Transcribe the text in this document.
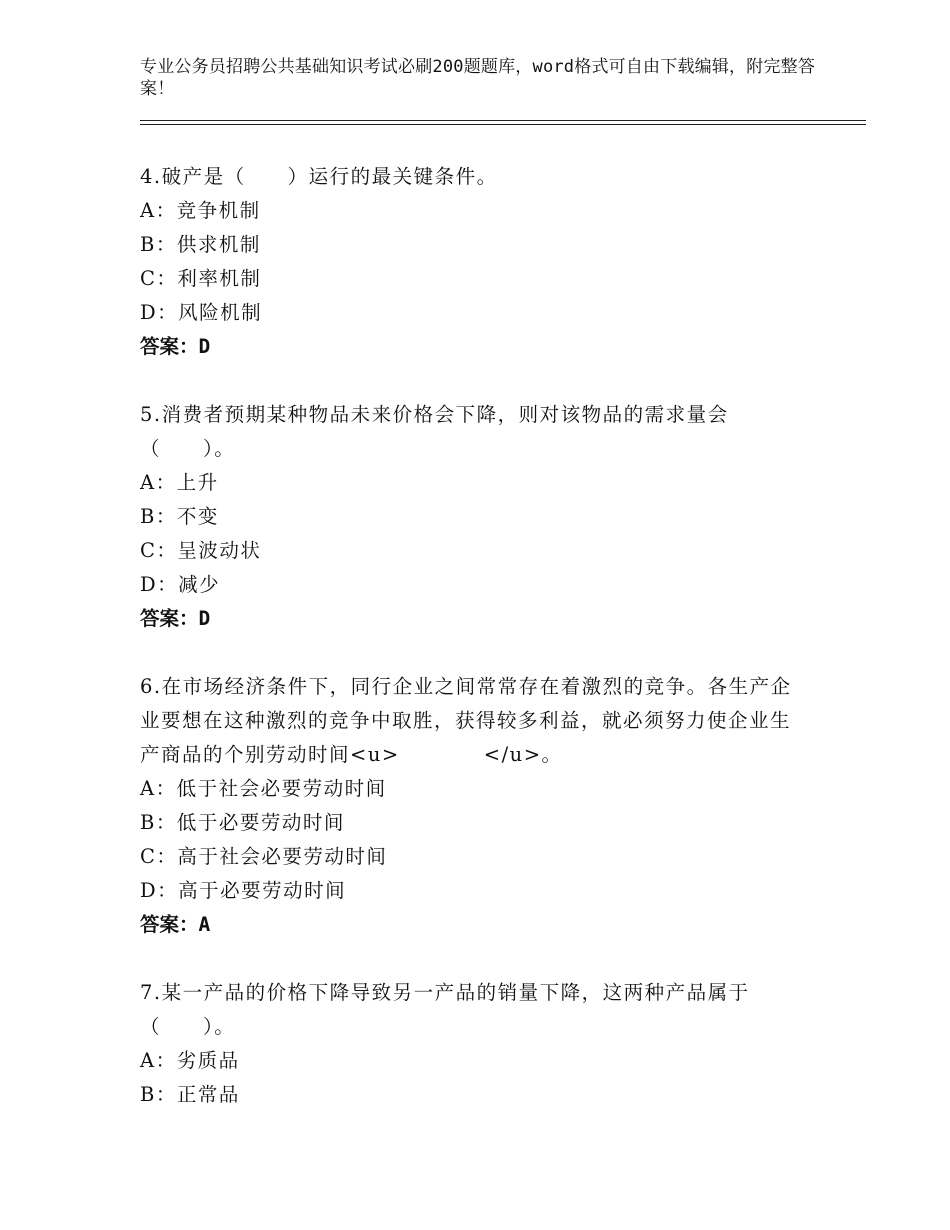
专业公务员招聘公共基础知识考试必刷200题题库，word格式可自由下载编辑，附完整答案！
4.破产是（　　）运行的最关键条件。
A：竞争机制
B：供求机制
C：利率机制
D：风险机制
答案：D
5.消费者预期某种物品未来价格会下降，则对该物品的需求量会（　　）。
A：上升
B：不变
C：呈波动状
D：减少
答案：D
6.在市场经济条件下，同行企业之间常常存在着激烈的竞争。各生产企业要想在这种激烈的竞争中取胜，获得较多利益，就必须努力使企业生产商品的个别劳动时间<u>　　　　</u>。
A：低于社会必要劳动时间
B：低于必要劳动时间
C：高于社会必要劳动时间
D：高于必要劳动时间
答案：A
7.某一产品的价格下降导致另一产品的销量下降，这两种产品属于（　　）。
A：劣质品
B：正常品
